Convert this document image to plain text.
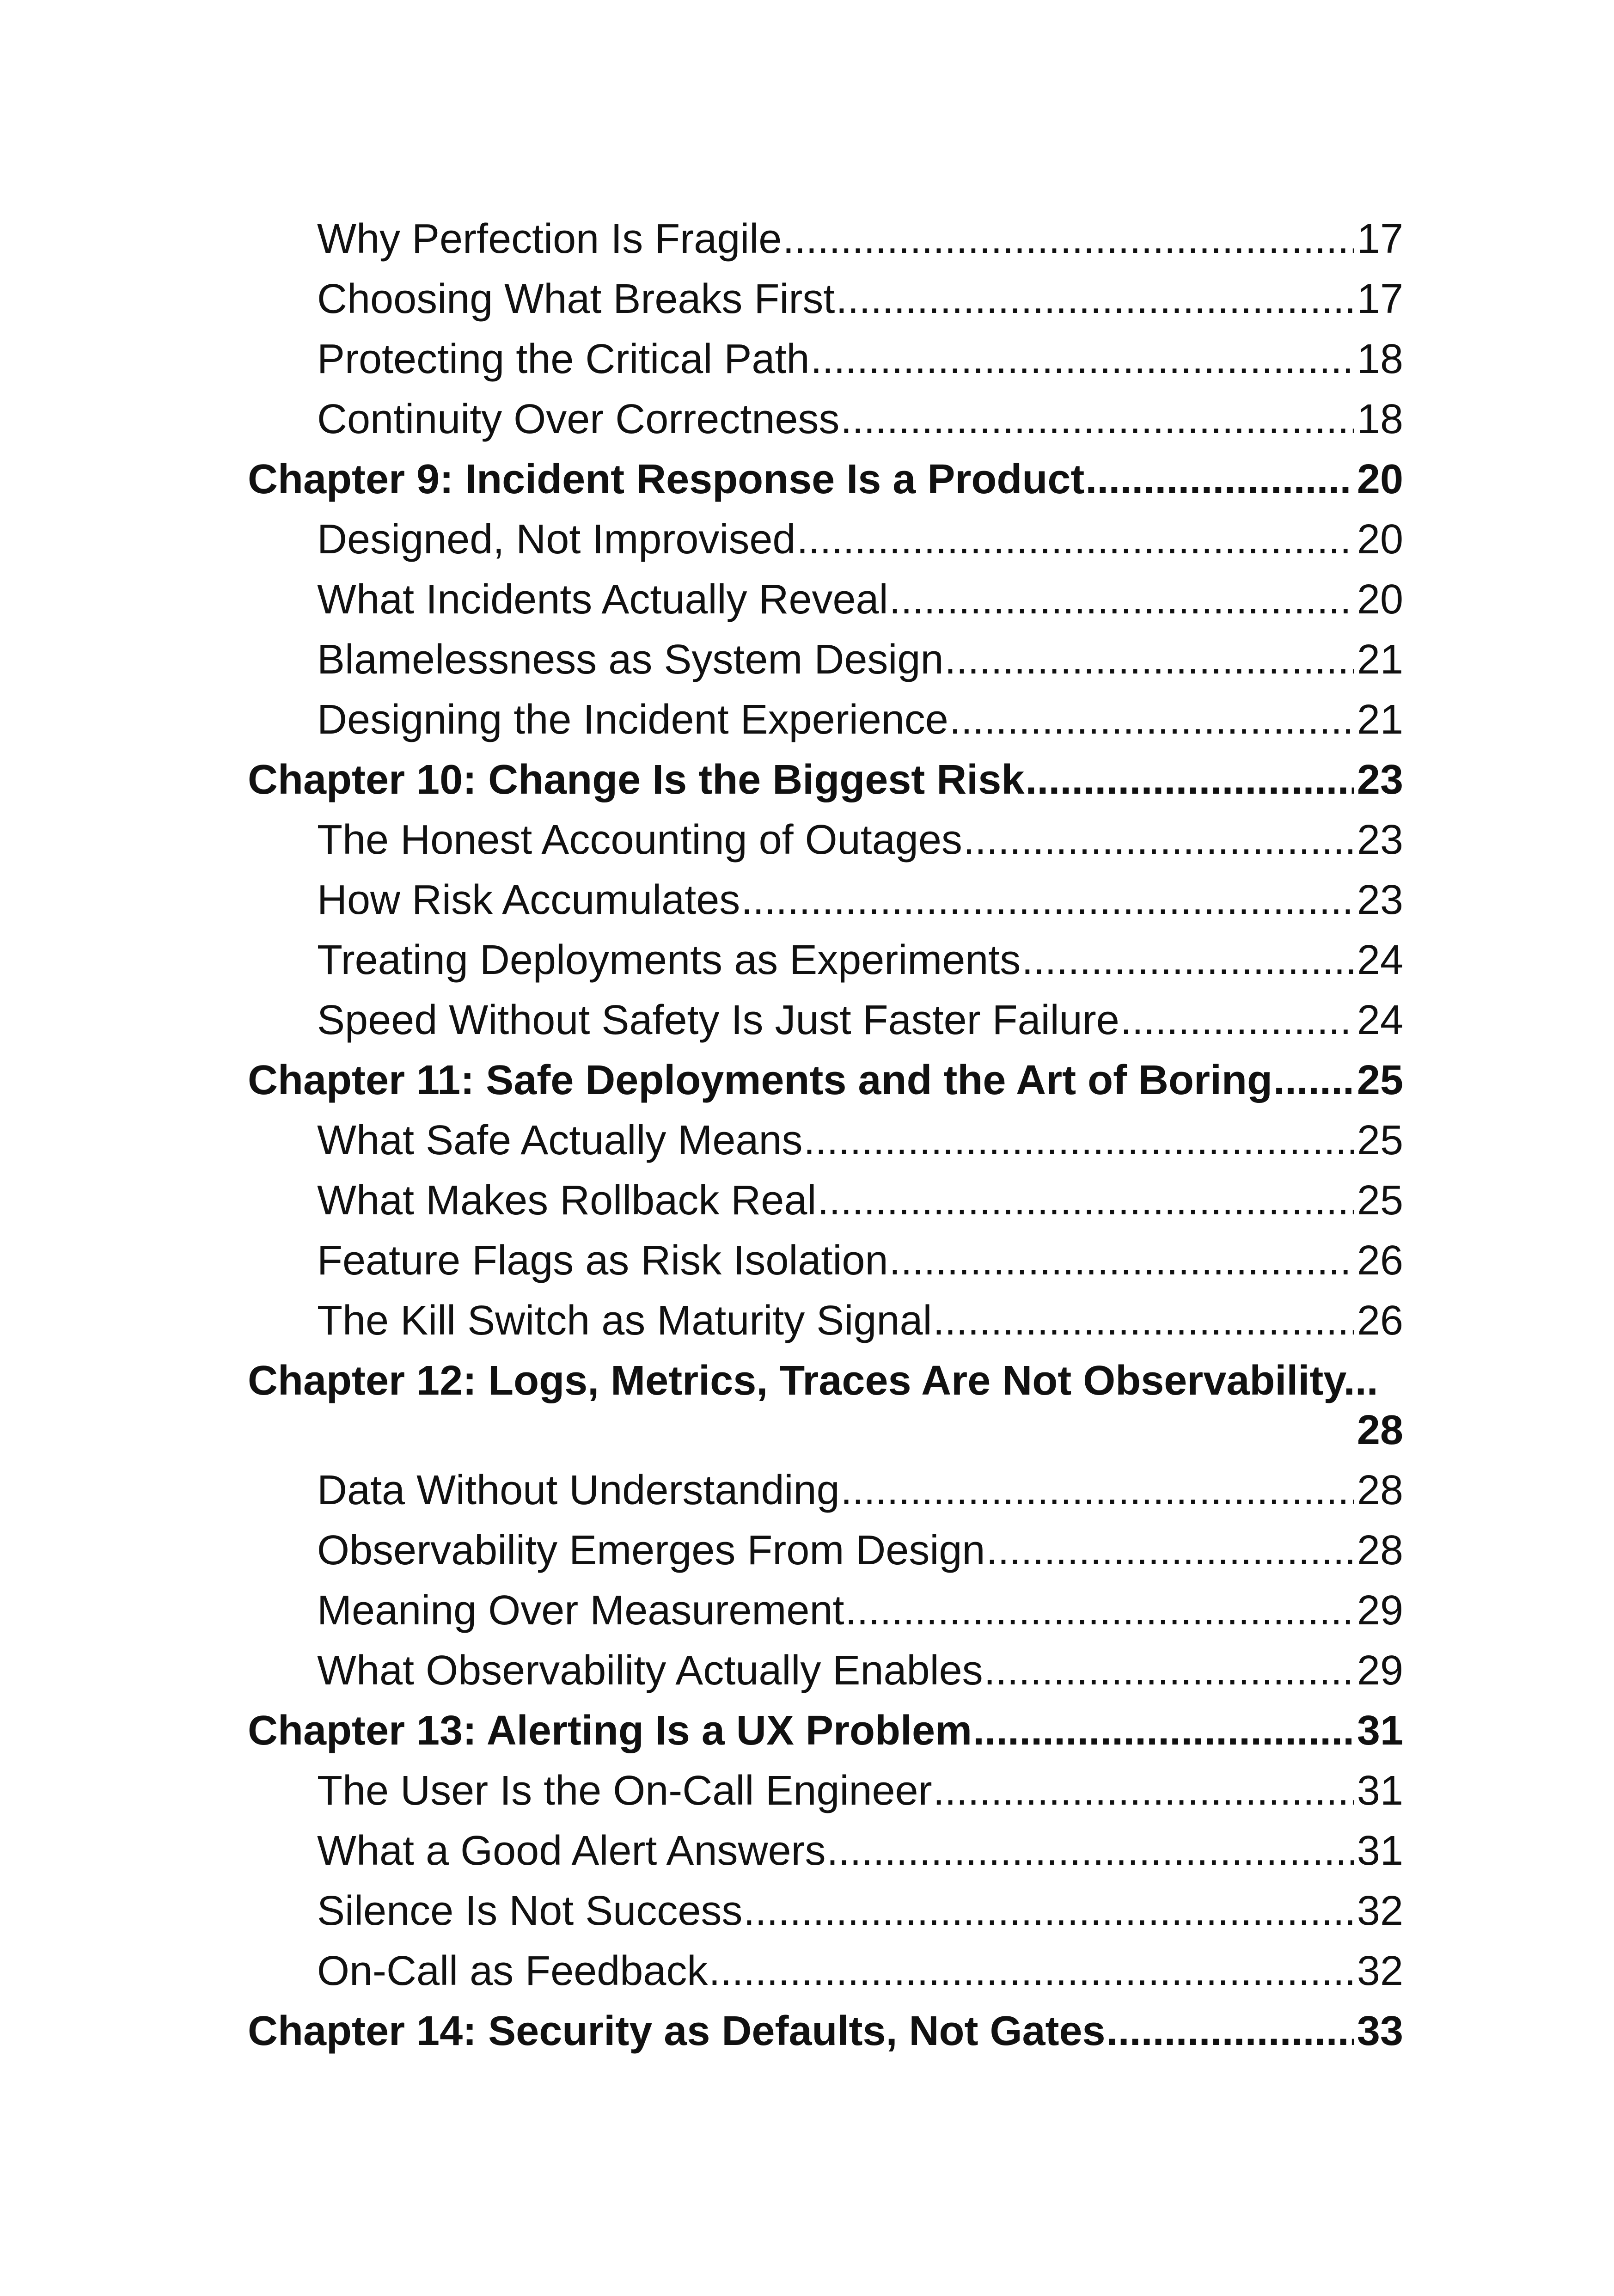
Why Perfection Is Fragile .....	17
Choosing What Breaks First .....	17
Protecting the Critical Path .....	18
Continuity Over Correctness .....	18
Chapter 9: Incident Response Is a Product .....	20
Designed, Not Improvised .....	20
What Incidents Actually Reveal .....	20
Blamelessness as System Design .....	21
Designing the Incident Experience .....	21
Chapter 10: Change Is the Biggest Risk .....	23
The Honest Accounting of Outages .....	23
How Risk Accumulates .....	23
Treating Deployments as Experiments .....	24
Speed Without Safety Is Just Faster Failure .....	24
Chapter 11: Safe Deployments and the Art of Boring ..... 25
What Safe Actually Means .....	25
What Makes Rollback Real .....	25
Feature Flags as Risk Isolation .....	26
The Kill Switch as Maturity Signal .....	26
Chapter 12: Logs, Metrics, Traces Are Not Observability...
28
Data Without Understanding .....	28
Observability Emerges From Design .....	28
Meaning Over Measurement .....	29
What Observability Actually Enables .....	29
Chapter 13: Alerting Is a UX Problem .....	31
The User Is the On-Call Engineer .....	31
What a Good Alert Answers .....	31
Silence Is Not Success .....	32
On-Call as Feedback .....	32
Chapter 14: Security as Defaults, Not Gates .....	33
